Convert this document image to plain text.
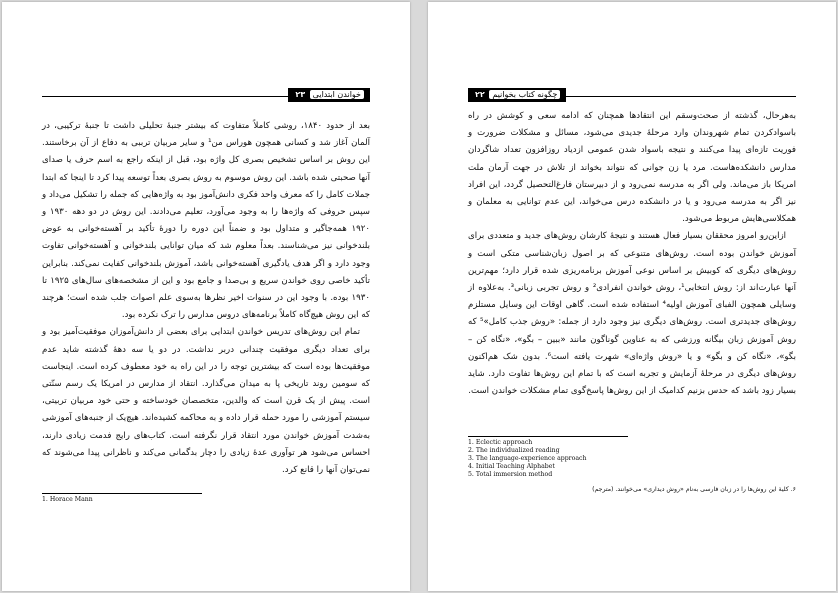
خواندن ابتدایی ۲۳

بعد از حدود ۱۸۴۰، روشی کاملاً متفاوت که بیشتر جنبهٔ تحلیلی داشت تا جنبهٔ ترکیبی، در آلمان آغاز شد و کسانی همچون هوراس من¹ و سایر مربیان ترببی به دفاع از آن برخاستند. این روش بر اساس تشخیص بصری کل واژه بود، قبل از اینکه راجع به اسم حرف یا صدای آنها صحبتی شده باشد. این روش موسوم به روش بصری بعداً توسعه پیدا کرد تا اینجا که ابتدا جملات کامل را که معرف واحد فکری دانش‌آموز بود به واژه‌هایی که جمله را تشکیل می‌داد و سپس حروفی که واژه‌ها را به وجود می‌آورد، تعلیم می‌دادند. این روش در دو دهه ۱۹۳۰ و ۱۹۲۰ همه‌جاگیر و متداول بود و ضمناً این دوره را دورهٔ تأکید بر آهسته‌خوانی به عوض بلندخوانی نیز می‌شناسند. بعداً معلوم شد که میان توانایی بلندخوانی و آهسته‌خوانی تفاوت وجود دارد و اگر هدف یادگیری آهسته‌خوانی باشد، آموزش بلندخوانی کفایت نمی‌کند. بنابراین تأکید خاصی روی خواندن سریع و بی‌صدا و جامع بود و این از مشخصه‌های سال‌های ۱۹۲۵ تا ۱۹۳۰ بوده. با وجود این در سنوات اخیر نظرها به‌سوی علم اصوات جلب شده است؛ هرچند که این روش هیچ‌گاه کاملاً برنامه‌های دروس مدارس را ترک نکرده بود.

تمام این روش‌های تدریس خواندن ابتدایی برای بعضی از دانش‌آموزان موفقیت‌آمیز بود و برای تعداد دیگری موفقیت چندانی دربر نداشت. در دو یا سه دههٔ گذشته شاید عدم موفقیت‌ها بوده است که بیشترین توجه را در این راه به خود معطوف کرده است. اینجاست که سومین روند تاریخی پا به میدان می‌گذارد. انتقاد از مدارس در امریکا یک رسم سنّتی است. پیش از یک قرن است که والدین، متخصصان خودساخته و حتی خود مربیان تربیتی، سیستم آموزشی را مورد حمله قرار داده و به محاکمه کشیده‌اند. هیچ‌یک از جنبه‌های آموزشی به‌شدت آموزش خواندن مورد انتقاد قرار نگرفته است. کتاب‌های رایج فدمت زیادی دارند، احساس می‌شود هر توآوری عدهٔ زیادی را دچار بدگمانی می‌کند و ناظرانی پیدا می‌شوند که نمی‌توان آنها را قانع کرد.

1. Horace Mann
۲۲ چگونه کتاب بخوانیم

به‌هرحال، گذشته از صحت‌وسقم این انتقادها همچنان که ادامه سعی و کوشش در راه باسوادکردن تمام شهروندان وارد مرحلهٔ جدیدی می‌شود، مسائل و مشکلات ضرورت و فوریت تازه‌ای پیدا می‌کنند و نتیجه باسواد شدن عمومی ازدیاد روزافزون تعداد شاگردان مدارس دانشکده‌هاست. مرد یا زن جوانی که نتواند بخواند از تلاش در جهت آرمان ملت امریکا باز می‌ماند. ولی اگر به مدرسه نمی‌رود و از دبیرستان فارغ‌التحصیل گردد، این افراد نیز اگر به مدرسه می‌رود و یا در دانشکده درس می‌خواند، این عدم توانایی به معلمان و همکلاسی‌هایش مربوط می‌شود.

ازاین‌رو امروز محققان بسیار فعال هستند و نتیجهٔ کارشان روش‌های جدید و متعددی برای آموزش خواندن بوده است. روش‌های متنوعی که بر اصول زبان‌شناسی متکی است و روش‌های دیگری که کوبیش بر اساس نوعی آموزش برنامه‌ریزی شده قرار دارد؛ مهم‌ترین آنها عبارت‌اند از: روش انتخابی¹، روش خواندن انفرادی² و روش تجربی زبانی³. به‌علاوه از وسایلی همچون الفبای آموزش اولیه⁴ استفاده شده است. گاهی اوقات این وسایل مستلزم روش‌های جدیدتری است. روش‌های دیگری نیز وجود دارد از جمله: «روش جذب کامل»⁵ که روش آموزش زبان بیگانه ورزشی که به عناوین گوناگون مانند «ببین – بگو»، «نگاه کن – بگو»، «نگاه کن و بگو» و یا «روش واژه‌ای» شهرت یافته است⁶. بدون شک هم‌اکنون روش‌های دیگری در مرحلهٔ آزمایش و تجربه است که با تمام این روش‌ها تفاوت دارد. شاید بسیار زود باشد که حدس بزنیم کدامیک از این روش‌ها پاسخ‌گوی تمام مشکلات خواندن است.

1. Eclectic approach
2. The individualized reading
3. The language-experience approach
4. Initial Teaching Alphabet
5. Total immersion method
۶. کلیهٔ این روش‌ها را در زبان فارسی به‌نام «روش دیداری» می‌خوانند. (مترجم)
